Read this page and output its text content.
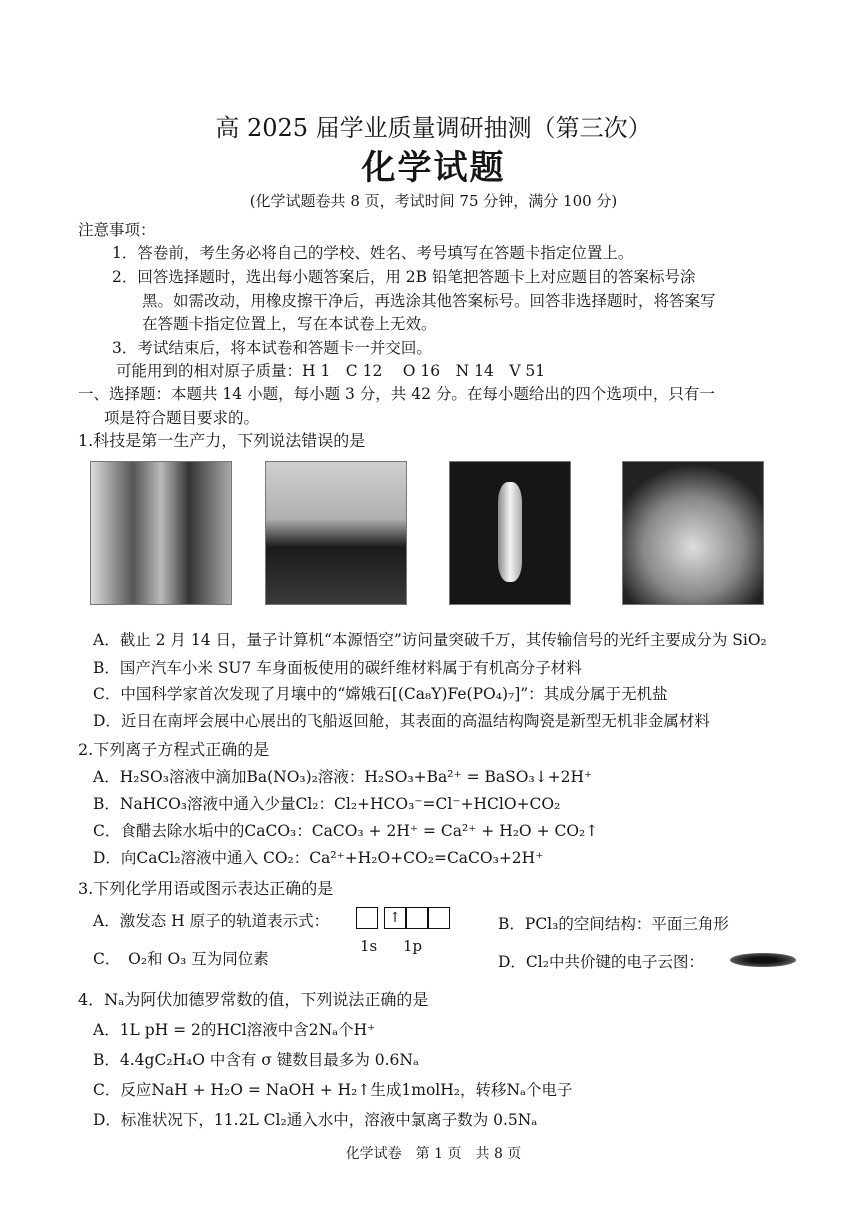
高 2025 届学业质量调研抽测（第三次）
化学试题
(化学试题卷共 8 页，考试时间 75 分钟，满分 100 分)
注意事项：
1．答卷前，考生务必将自己的学校、姓名、考号填写在答题卡指定位置上。
2．回答选择题时，选出每小题答案后，用 2B 铅笔把答题卡上对应题目的答案标号涂
黑。如需改动，用橡皮擦干净后，再选涂其他答案标号。回答非选择题时，将答案写
在答题卡指定位置上，写在本试卷上无效。
3．考试结束后，将本试卷和答题卡一并交回。
可能用到的相对原子质量：H 1　C 12　 O 16　N 14　V 51
一、选择题：本题共 14 小题，每小题 3 分，共 42 分。在每小题给出的四个选项中，只有一
项是符合题目要求的。
1.科技是第一生产力，下列说法错误的是
A．截止 2 月 14 日，量子计算机“本源悟空”访问量突破千万，其传输信号的光纤主要成分为 SiO₂
B．国产汽车小米 SU7 车身面板使用的碳纤维材料属于有机高分子材料
C．中国科学家首次发现了月壤中的“嫦娥石[(Ca₈Y)Fe(PO₄)₇]”：其成分属于无机盐
D．近日在南坪会展中心展出的飞船返回舱，其表面的高温结构陶瓷是新型无机非金属材料
2.下列离子方程式正确的是
A．H₂SO₃溶液中滴加Ba(NO₃)₂溶液：H₂SO₃+Ba²⁺ = BaSO₃↓+2H⁺
B．NaHCO₃溶液中通入少量Cl₂：Cl₂+HCO₃⁻=Cl⁻+HClO+CO₂
C．食醋去除水垢中的CaCO₃：CaCO₃ + 2H⁺ = Ca²⁺ + H₂O + CO₂↑
D．向CaCl₂溶液中通入 CO₂：Ca²⁺+H₂O+CO₂=CaCO₃+2H⁺
3.下列化学用语或图示表达正确的是
A．激发态 H 原子的轨道表示式：	↑
1s 1p
B．PCl₃的空间结构：平面三角形
C．　O₂和 O₃ 互为同位素	D．Cl₂中共价键的电子云图：
4．Nₐ为阿伏加德罗常数的值，下列说法正确的是
A．1L pH = 2的HCl溶液中含2Nₐ个H⁺
B．4.4gC₂H₄O 中含有 σ 键数目最多为 0.6Nₐ
C．反应NaH + H₂O = NaOH + H₂↑生成1molH₂，转移Nₐ个电子
D．标准状况下，11.2L Cl₂通入水中，溶液中氯离子数为 0.5Nₐ
化学试卷　第 1 页　共 8 页
